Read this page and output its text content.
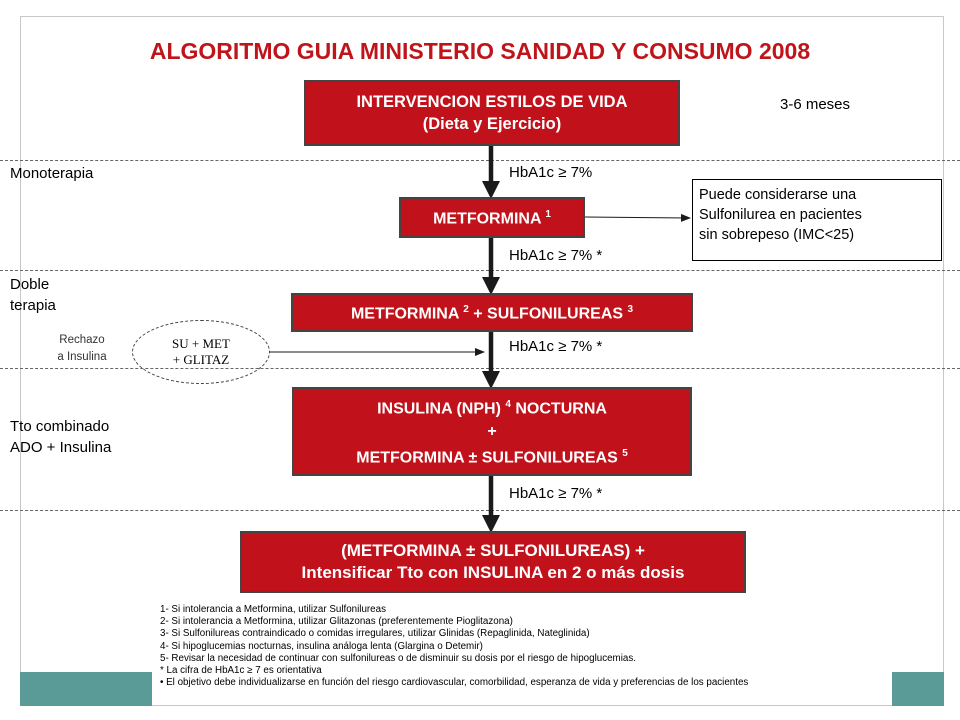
ALGORITMO GUIA MINISTERIO SANIDAD Y CONSUMO 2008
3-6 meses
Monoterapia
Doble
terapia
Tto combinado
ADO + Insulina
INTERVENCION ESTILOS DE VIDA
(Dieta y Ejercicio)
METFORMINA $^1$
METFORMINA $^2$ + SULFONILUREAS $^3$
INSULINA (NPH) $^4$ NOCTURNA
+
METFORMINA ± SULFONILUREAS $^5$
(METFORMINA ± SULFONILUREAS) +
Intensificar Tto con INSULINA en 2 o más dosis
HbA1c ≥ 7%
HbA1c ≥ 7% *
HbA1c ≥ 7% *
HbA1c ≥ 7% *
Puede considerarse una
Sulfonilurea en pacientes
sin sobrepeso (IMC<25)
Rechazo
a Insulina
SU + MET
+ GLITAZ
1- Si intolerancia a Metformina, utilizar Sulfonilureas
2- Si intolerancia a Metformina, utilizar Glitazonas (preferentemente Pioglitazona)
3- Si Sulfonilureas contraindicado o comidas irregulares, utilizar Glinidas (Repaglinida, Nateglinida)
4- Si hipoglucemias nocturnas, insulina análoga lenta (Glargina o Detemir)
5- Revisar la necesidad de continuar con sulfonilureas o de disminuir su dosis por el riesgo de hipoglucemias.
* La cifra de HbA1c ≥ 7 es orientativa
• El objetivo debe individualizarse en función del riesgo cardiovascular, comorbilidad, esperanza de vida y preferencias de los pacientes
